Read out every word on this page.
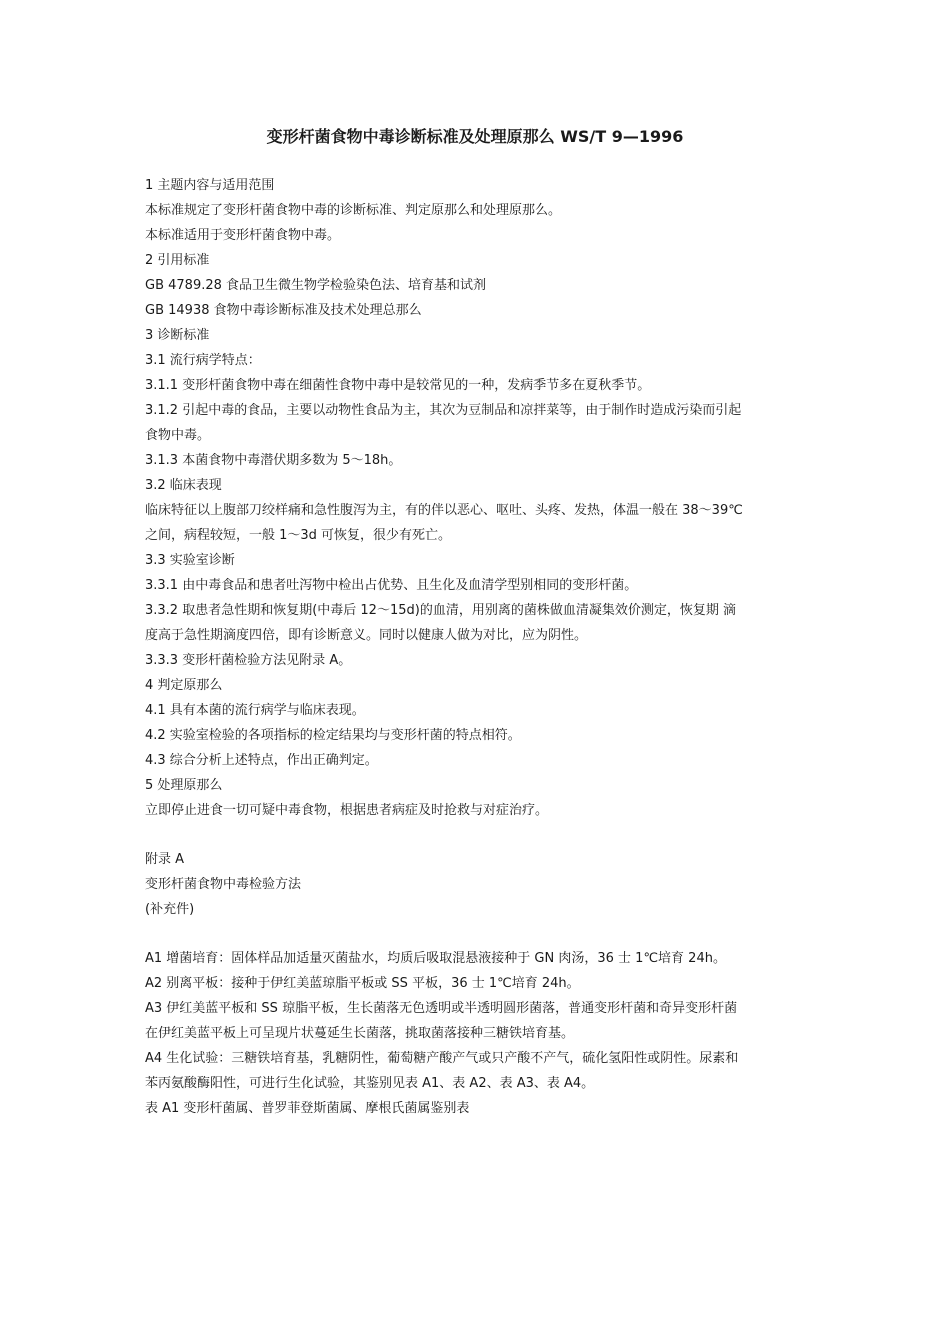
变形杆菌食物中毒诊断标准及处理原那么 WS/T 9—1996
1 主题内容与适用范围
本标准规定了变形杆菌食物中毒的诊断标准、判定原那么和处理原那么。
本标准适用于变形杆菌食物中毒。
2 引用标准
GB 4789.28 食品卫生微生物学检验染色法、培育基和试剂
GB 14938 食物中毒诊断标准及技术处理总那么
3 诊断标准
3.1 流行病学特点：
3.1.1 变形杆菌食物中毒在细菌性食物中毒中是较常见的一种，发病季节多在夏秋季节。
3.1.2 引起中毒的食品，主要以动物性食品为主，其次为豆制品和凉拌菜等，由于制作时造成污染而引起
食物中毒。
3.1.3 本菌食物中毒潜伏期多数为 5～18h。
3.2 临床表现
临床特征以上腹部刀绞样痛和急性腹泻为主，有的伴以恶心、呕吐、头疼、发热，体温一般在 38～39℃
之间，病程较短，一般 1～3d 可恢复，很少有死亡。
3.3 实验室诊断
3.3.1 由中毒食品和患者吐泻物中检出占优势、且生化及血清学型别相同的变形杆菌。
3.3.2 取患者急性期和恢复期(中毒后 12～15d)的血清，用别离的菌株做血清凝集效价测定，恢复期 滴
度高于急性期滴度四倍，即有诊断意义。同时以健康人做为对比，应为阴性。
3.3.3 变形杆菌检验方法见附录 A。
4 判定原那么
4.1 具有本菌的流行病学与临床表现。
4.2 实验室检验的各项指标的检定结果均与变形杆菌的特点相符。
4.3 综合分析上述特点，作出正确判定。
5 处理原那么
立即停止进食一切可疑中毒食物，根据患者病症及时抢救与对症治疗。
附录 A
变形杆菌食物中毒检验方法
(补充件)
A1 增菌培育：固体样品加适量灭菌盐水，均质后吸取混悬液接种于 GN 肉汤，36 士 1℃培育 24h。
A2 别离平板：接种于伊红美蓝琼脂平板或 SS 平板，36 士 1℃培育 24h。
A3 伊红美蓝平板和 SS 琼脂平板，生长菌落无色透明或半透明圆形菌落，普通变形杆菌和奇异变形杆菌
在伊红美蓝平板上可呈现片状蔓延生长菌落，挑取菌落接种三糖铁培育基。
A4 生化试验：三糖铁培育基，乳糖阴性，葡萄糖产酸产气或只产酸不产气，硫化氢阳性或阴性。尿素和
苯丙氨酸酶阳性，可进行生化试验，其鉴别见表 A1、表 A2、表 A3、表 A4。
表 A1 变形杆菌属、普罗菲登斯菌属、摩根氏菌属鉴别表
